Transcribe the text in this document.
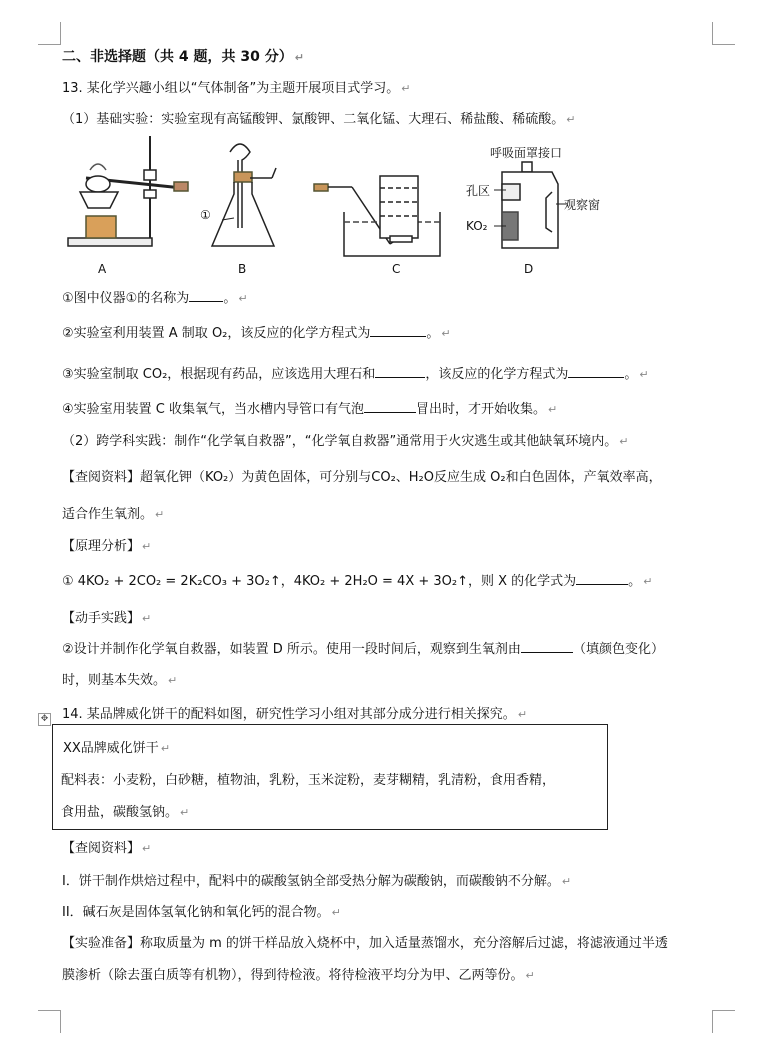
二、非选择题（共 4 题，共 30 分） ↵
13. 某化学兴趣小组以“气体制备”为主题开展项目式学习。 ↵
（1）基础实验：实验室现有高锰酸钾、氯酸钾、二氧化锰、大理石、稀盐酸、稀硫酸。 ↵
A	B	C	D
①
呼吸面罩接口
孔区
KO₂
观察窗
①图中仪器①的名称为	。 ↵
②实验室利用装置 A 制取 O₂，该反应的化学方程式为	。 ↵
③实验室制取 CO₂，根据现有药品，应该选用大理石和	，该反应的化学方程式为	。 ↵
④实验室用装置 C 收集氧气，当水槽内导管口有气泡	冒出时，才开始收集。 ↵
（2）跨学科实践：制作“化学氧自救器”，“化学氧自救器”通常用于火灾逃生或其他缺氧环境内。 ↵
【查阅资料】超氧化钾（KO₂）为黄色固体，可分别与CO₂、H₂O反应生成 O₂和白色固体，产氧效率高，
适合作生氧剂。 ↵
【原理分析】 ↵
① 4KO₂ + 2CO₂ = 2K₂CO₃ + 3O₂↑，4KO₂ + 2H₂O = 4X + 3O₂↑，则 X 的化学式为	。 ↵
【动手实践】 ↵
②设计并制作化学氧自救器，如装置 D 所示。使用一段时间后，观察到生氧剂由	（填颜色变化）
时，则基本失效。 ↵
✥ 14. 某品牌威化饼干的配料如图，研究性学习小组对其部分成分进行相关探究。 ↵
XX品牌威化饼干 ↵
配料表：小麦粉，白砂糖，植物油，乳粉，玉米淀粉，麦芽糊精，乳清粉，食用香精，
食用盐，碳酸氢钠。 ↵
【查阅资料】 ↵
I．饼干制作烘焙过程中，配料中的碳酸氢钠全部受热分解为碳酸钠，而碳酸钠不分解。 ↵
II．碱石灰是固体氢氧化钠和氧化钙的混合物。 ↵
【实验准备】称取质量为 m 的饼干样品放入烧杯中，加入适量蒸馏水，充分溶解后过滤，将滤液通过半透
膜渗析（除去蛋白质等有机物），得到待检液。将待检液平均分为甲、乙两等份。 ↵
